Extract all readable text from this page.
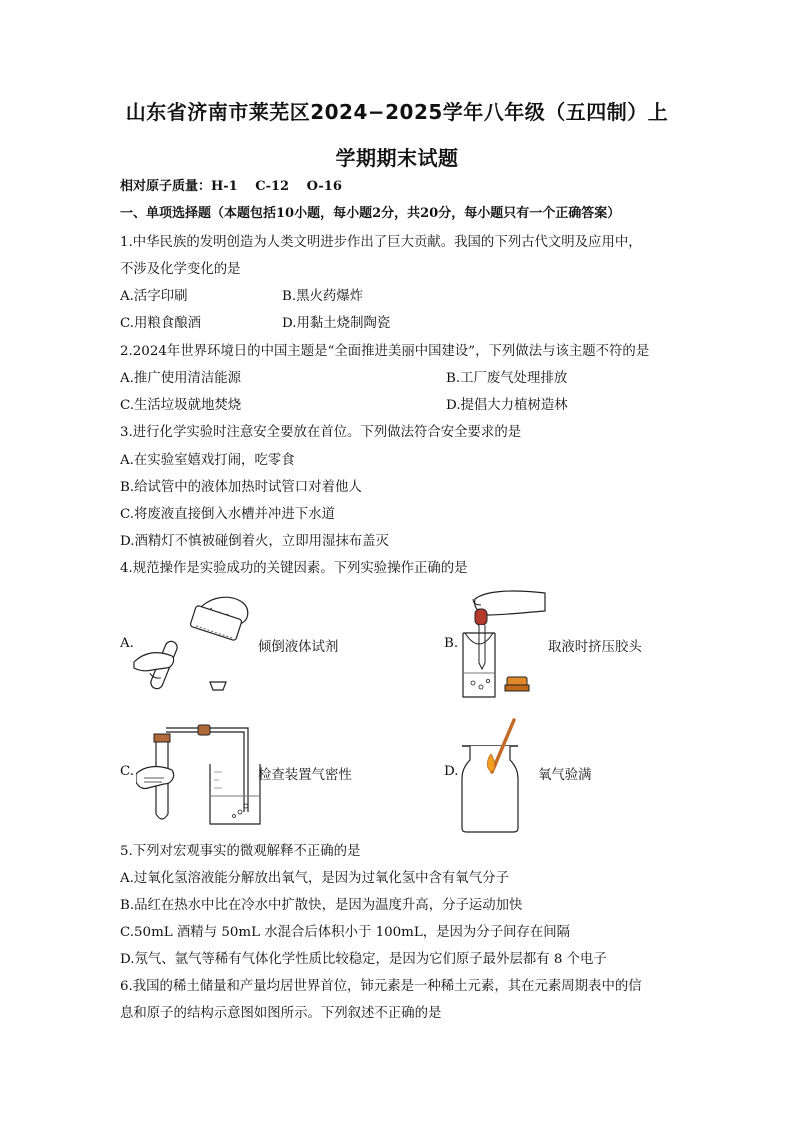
山东省济南市莱芜区2024−2025学年八年级（五四制）上
学期期末试题
相对原子质量：H-1　 C-12　 O-16
一、单项选择题（本题包括10小题，每小题2分，共20分，每小题只有一个正确答案）
1.中华民族的发明创造为人类文明进步作出了巨大贡献。我国的下列古代文明及应用中，
不涉及化学变化的是
A.活字印刷	B.黑火药爆炸
C.用粮食酿酒	D.用黏土烧制陶瓷
2.2024年世界环境日的中国主题是“全面推进美丽中国建设”，下列做法与该主题不符的是
A.推广使用清洁能源	B.工厂废气处理排放
C.生活垃圾就地焚烧	D.提倡大力植树造林
3.进行化学实验时注意安全要放在首位。下列做法符合安全要求的是
A.在实验室嬉戏打闹，吃零食
B.给试管中的液体加热时试管口对着他人
C.将废液直接倒入水槽并冲进下水道
D.酒精灯不慎被碰倒着火，立即用湿抹布盖灭
4.规范操作是实验成功的关键因素。下列实验操作正确的是
A.	倾倒液体试剂	B.	取液时挤压胶头
C.	检查装置气密性	D.	氧气验满
5.下列对宏观事实的微观解释不正确的是
A.过氧化氢溶液能分解放出氧气，是因为过氧化氢中含有氧气分子
B.品红在热水中比在冷水中扩散快，是因为温度升高，分子运动加快
C.50mL 酒精与 50mL 水混合后体积小于 100mL，是因为分子间存在间隔
D.氖气、氩气等稀有气体化学性质比较稳定，是因为它们原子最外层都有 8 个电子
6.我国的稀土储量和产量均居世界首位，铈元素是一种稀土元素，其在元素周期表中的信
息和原子的结构示意图如图所示。下列叙述不正确的是
